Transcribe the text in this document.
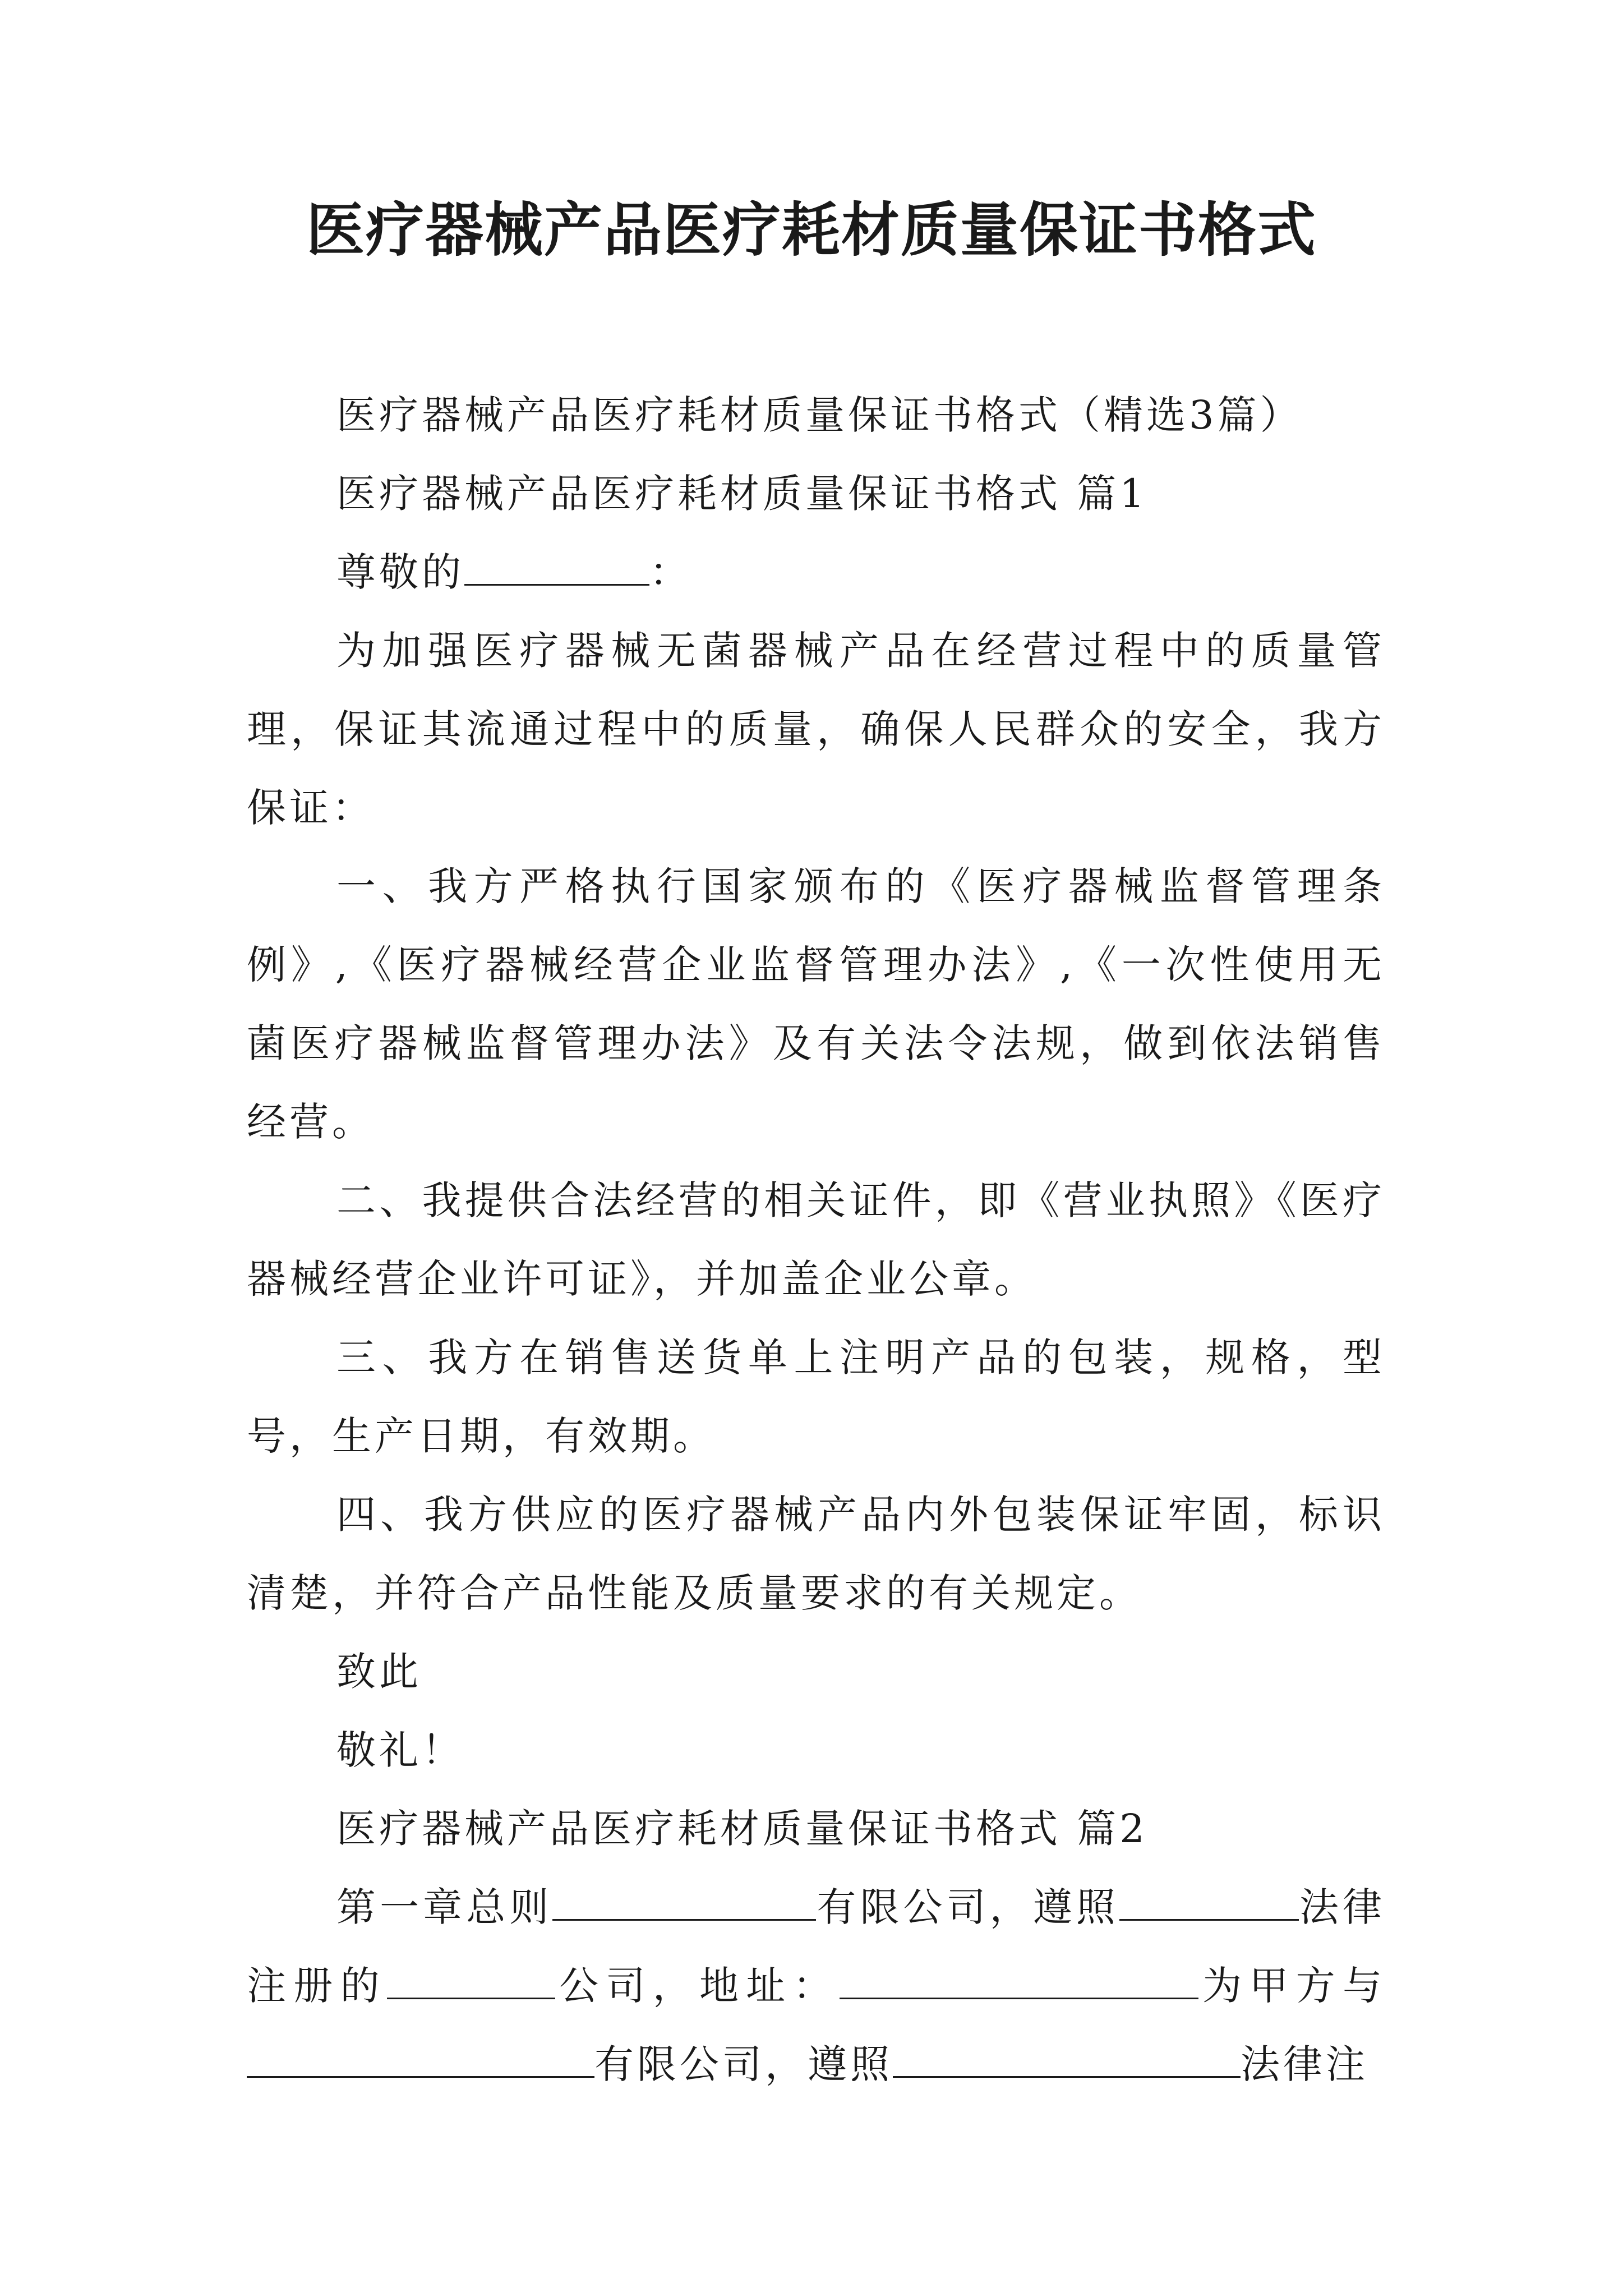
医疗器械产品医疗耗材质量保证书格式

医疗器械产品医疗耗材质量保证书格式（精选3篇）

医疗器械产品医疗耗材质量保证书格式 篇1

尊敬的	：

为加强医疗器械无菌器械产品在经营过程中的质量管理，保证其流通过程中的质量，确保人民群众的安全，我方保证：

一、我方严格执行国家颁布的《医疗器械监督管理条例》,《医疗器械经营企业监督管理办法》,《一次性使用无菌医疗器械监督管理办法》及有关法令法规，做到依法销售经营。

二、我提供合法经营的相关证件，即《营业执照》《医疗器械经营企业许可证》，并加盖企业公章。

三、我方在销售送货单上注明产品的包装，规格，型号，生产日期，有效期。

四、我方供应的医疗器械产品内外包装保证牢固，标识清楚，并符合产品性能及质量要求的有关规定。

致此

敬礼！

医疗器械产品医疗耗材质量保证书格式 篇2

第一章总则	有限公司，遵照	法律注册的	公司，地址：	为甲方与有限公司，遵照	法律注
